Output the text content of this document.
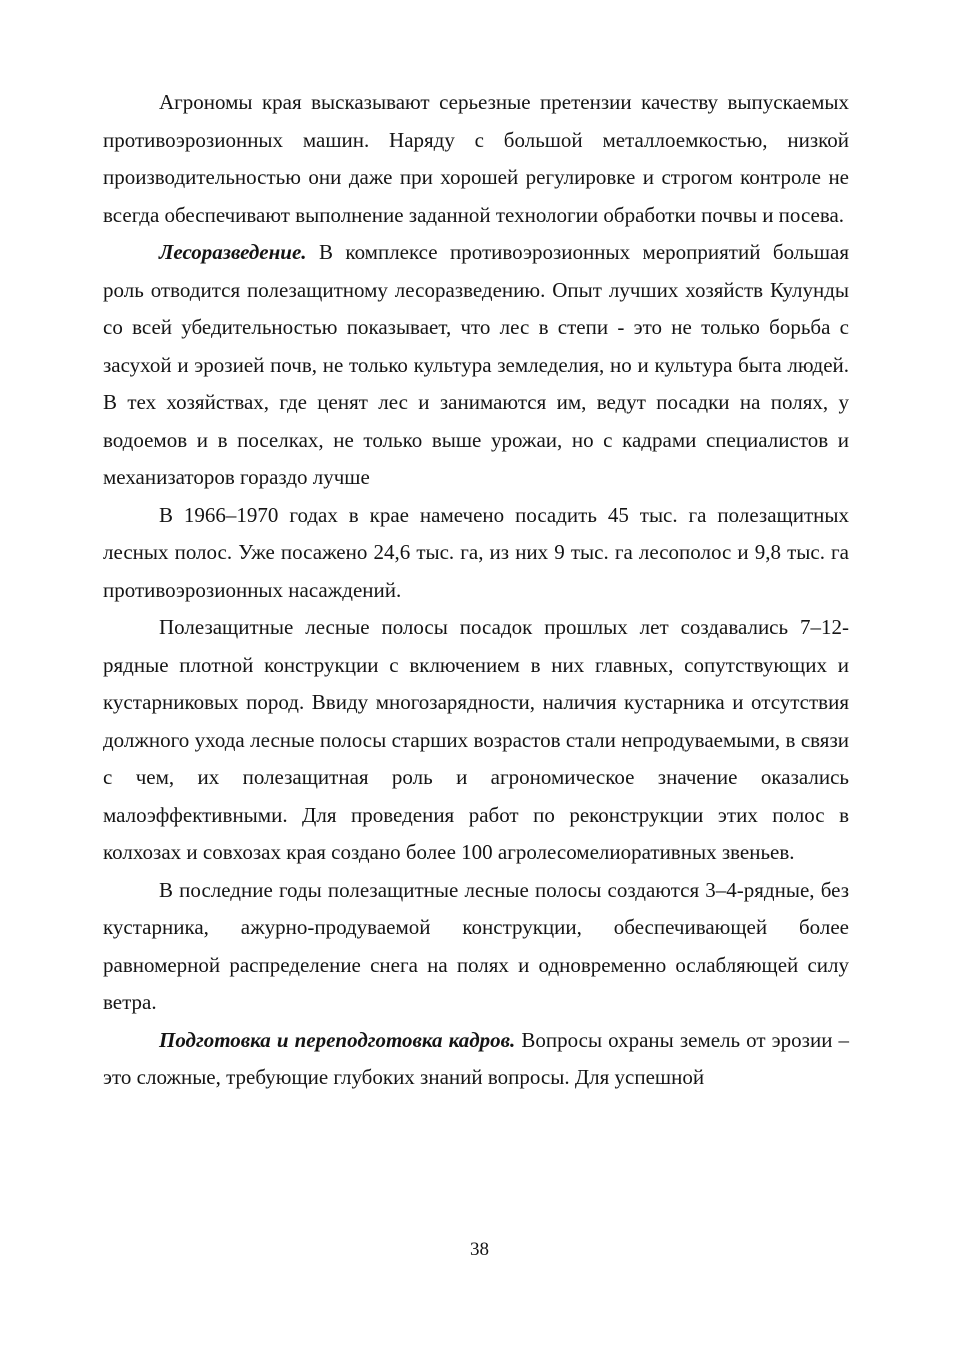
Агрономы края высказывают серьезные претензии качеству выпускаемых противоэрозионных машин. Наряду с большой металлоемкостью, низкой производительностью они даже при хорошей регулировке и строгом контроле не всегда обеспечивают выполнение заданной технологии обработки почвы и посева.

Лесоразведение. В комплексе противоэрозионных мероприятий большая роль отводится полезащитному лесоразведению. Опыт лучших хозяйств Кулунды со всей убедительностью показывает, что лес в степи - это не только борьба с засухой и эрозией почв, не только культура земледелия, но и культура быта людей. В тех хозяйствах, где ценят лес и занимаются им, ведут посадки на полях, у водоемов и в поселках, не только выше урожаи, но с кадрами специалистов и механизаторов гораздо лучше

В 1966–1970 годах в крае намечено посадить 45 тыс. га полезащитных лесных полос. Уже посажено 24,6 тыс. га, из них 9 тыс. га лесополос и 9,8 тыс. га противоэрозионных насаждений.

Полезащитные лесные полосы посадок прошлых лет создавались 7–12-рядные плотной конструкции с включением в них главных, сопутствующих и кустарниковых пород. Ввиду многозарядности, наличия кустарника и отсутствия должного ухода лесные полосы старших возрастов стали непродуваемыми, в связи с чем, их полезащитная роль и агрономическое значение оказались малоэффективными. Для проведения работ по реконструкции этих полос в колхозах и совхозах края создано более 100 агролесомелиоративных звеньев.

В последние годы полезащитные лесные полосы создаются 3–4-рядные, без кустарника, ажурно-продуваемой конструкции, обеспечивающей более равномерной распределение снега на полях и одновременно ослабляющей силу ветра.

Подготовка и переподготовка кадров. Вопросы охраны земель от эрозии – это сложные, требующие глубоких знаний вопросы. Для успешной

38
